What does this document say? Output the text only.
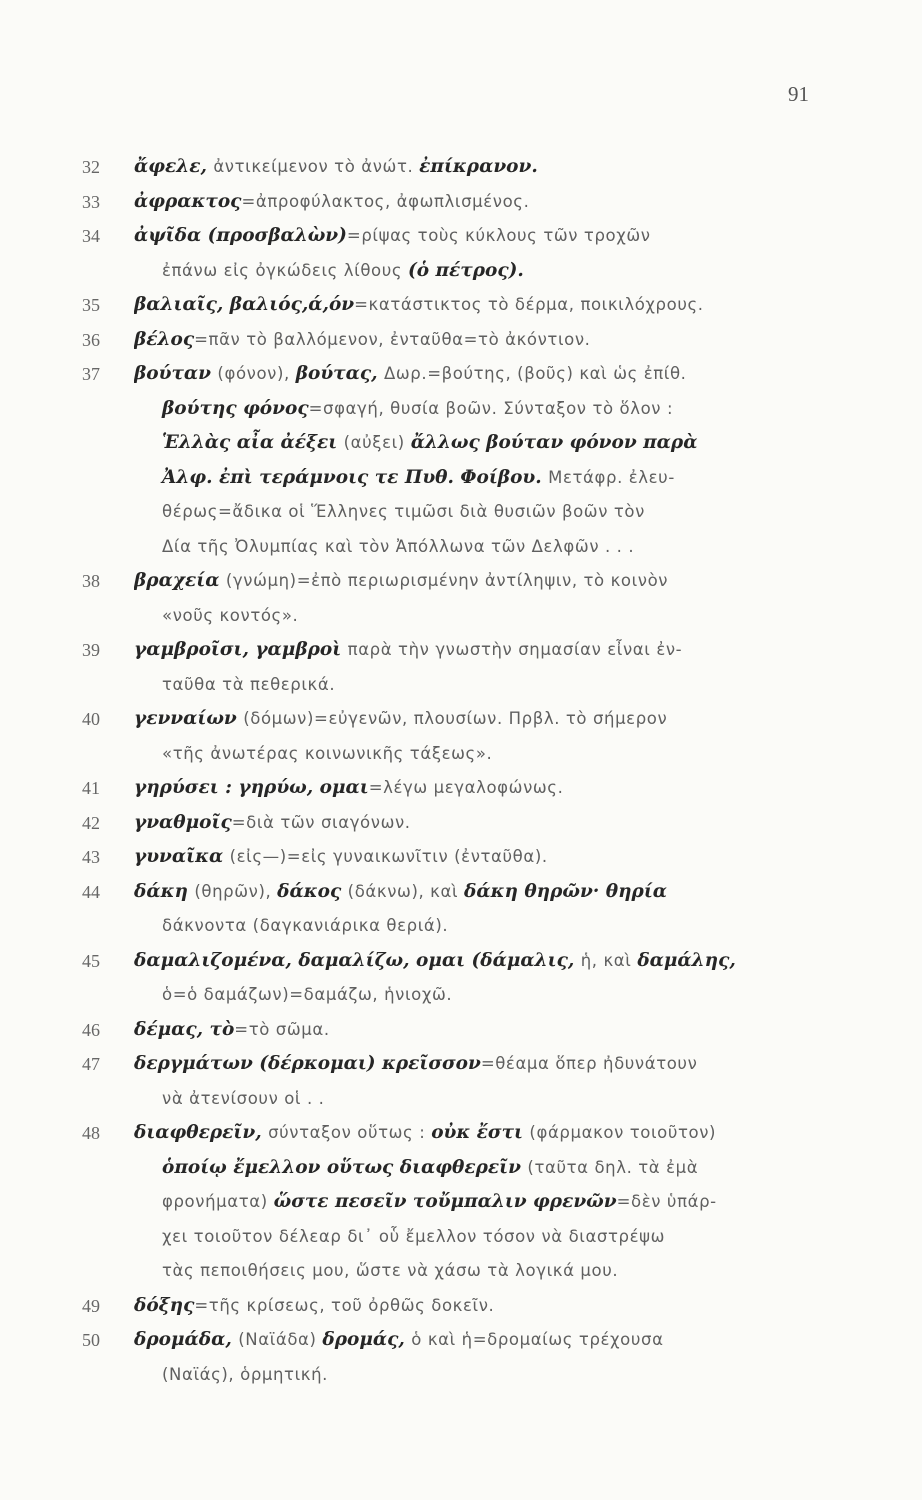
91
32	ἄφελε, ἀντικείμενον τὸ ἀνώτ. ἐπίκρανον.
33	ἀφρακτος=ἀπροφύλακτος, ἀφωπλισμένος.
34	ἀψῖδα (προσβαλὼν)=ρίψας τοὺς κύκλους τῶν τροχῶν
ἐπάνω εἰς ὀγκώδεις λίθους (ὁ πέτρος).
35	βαλιαῖς, βαλιός,ά,όν=κατάστικτος τὸ δέρμα, ποικιλόχρους.
36	βέλος=πᾶν τὸ βαλλόμενον, ἐνταῦθα=τὸ ἀκόντιον.
37	βούταν (φόνον), βούτας, Δωρ.=βούτης, (βοῦς) καὶ ὡς ἐπίθ.
βούτης φόνος=σφαγή, θυσία βοῶν. Σύνταξον τὸ ὅλον :
Ἑλλὰς αἶα ἀέξει (αὐξει) ἄλλως βούταν φόνον παρὰ
Ἀλφ. ἐπὶ τεράμνοις τε Πυθ. Φοίβου. Μετάφρ. ἐλευ-
θέρως=ἄδικα οἱ Ἕλληνες τιμῶσι διὰ θυσιῶν βοῶν τὸν
Δία τῆς Ὀλυμπίας καὶ τὸν Ἀπόλλωνα τῶν Δελφῶν . . .
38	βραχεία (γνώμη)=ἐπὸ περιωρισμένην ἀντίληψιν, τὸ κοινὸν
«νοῦς κοντός».
39	γαμβροῖσι, γαμβροὶ παρὰ τὴν γνωστὴν σημασίαν εἶναι ἐν-
ταῦθα τὰ πεθερικά.
40	γενναίων (δόμων)=εὐγενῶν, πλουσίων. Πρβλ. τὸ σήμερον
«τῆς ἀνωτέρας κοινωνικῆς τάξεως».
41	γηρύσει : γηρύω, ομαι=λέγω μεγαλοφώνως.
42	γναθμοῖς=διὰ τῶν σιαγόνων.
43	γυναῖκα (εἰς—)=εἰς γυναικωνῖτιν (ἐνταῦθα).
44	δάκη (θηρῶν), δάκος (δάκνω), καὶ δάκη θηρῶν· θηρία
δάκνοντα (δαγκανιάρικα θεριά).
45	δαμαλιζομένα, δαμαλίζω, ομαι (δάμαλις, ἡ, καὶ δαμάλης,
ὁ=ὁ δαμάζων)=δαμάζω, ἡνιοχῶ.
46	δέμας, τὸ=τὸ σῶμα.
47	δεργμάτων (δέρκομαι) κρεῖσσον=θέαμα ὅπερ ἠδυνάτουν
νὰ ἀτενίσουν οἱ . .
48	διαφθερεῖν, σύνταξον οὕτως : οὐκ ἔστι (φάρμακον τοιοῦτον)
ὁποίῳ ἔμελλον οὕτως διαφθερεῖν (ταῦτα δηλ. τὰ ἐμὰ
φρονήματα) ὥστε πεσεῖν τοὔμπαλιν φρενῶν=δὲν ὑπάρ-
χει τοιοῦτον δέλεαρ δι᾽ οὗ ἔμελλον τόσον νὰ διαστρέψω
τὰς πεποιθήσεις μου, ὥστε νὰ χάσω τὰ λογικά μου.
49	δόξης=τῆς κρίσεως, τοῦ ὀρθῶς δοκεῖν.
50	δρομάδα, (Ναϊάδα) δρομάς, ὁ καὶ ἡ=δρομαίως τρέχουσα
(Ναϊάς), ὁρμητική.
